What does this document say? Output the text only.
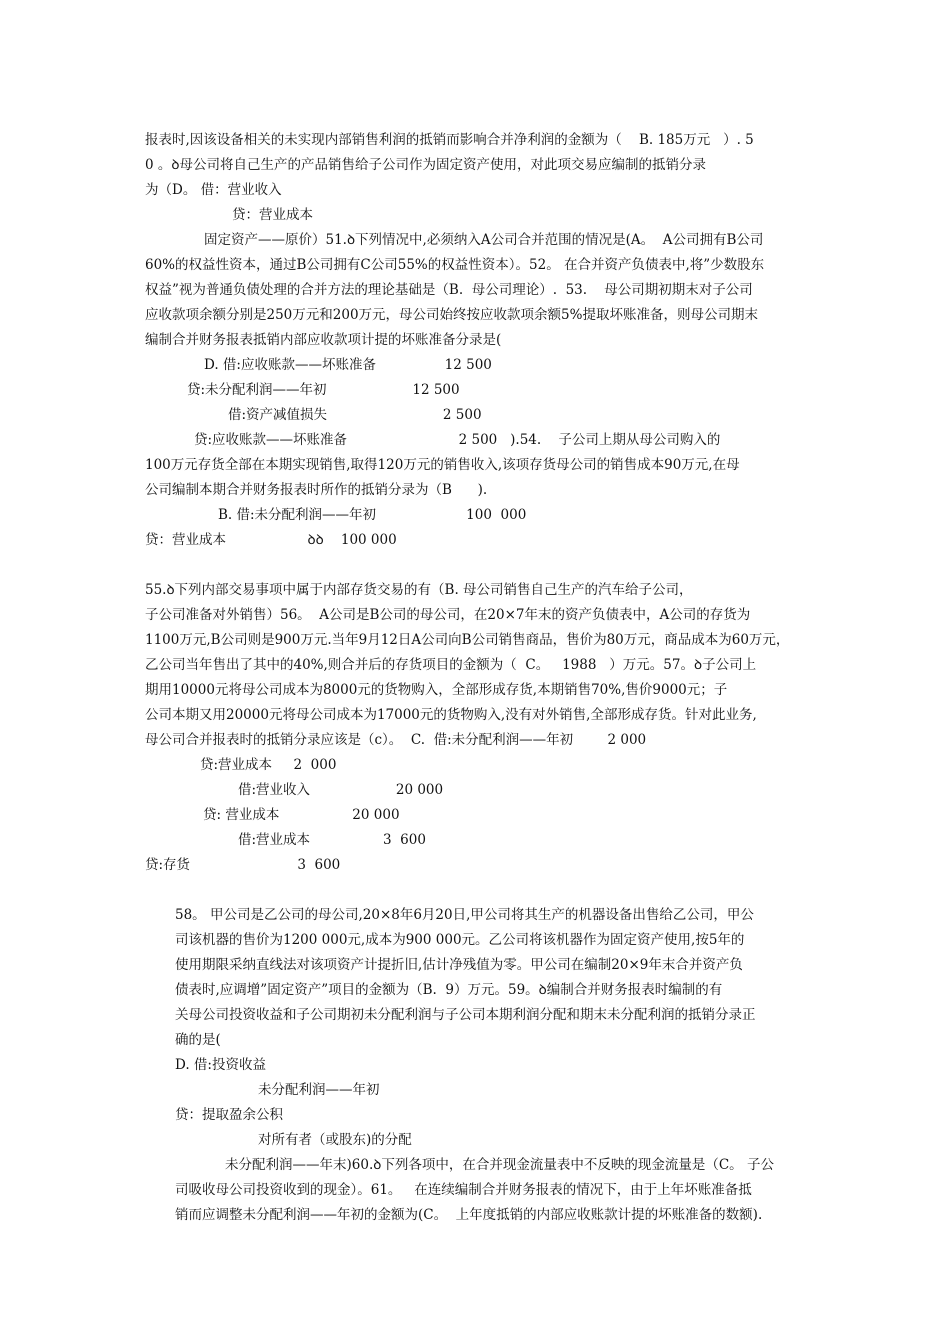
报表时,因该设备相关的未实现内部销售利润的抵销而影响合并净利润的金额为（    B. 185万元   ）. 5
0 。ꝺ母公司将自己生产的产品销售给子公司作为固定资产使用，对此项交易应编制的抵销分录
为（D。 借：营业收入
贷：营业成本
固定资产——原价）51.ꝺ下列情况中,必须纳入A公司合并范围的情况是(A。  A公司拥有B公司
60%的权益性资本，通过B公司拥有C公司55%的权益性资本）。52。 在合并资产负债表中,将”少数股东
权益”视为普通负债处理的合并方法的理论基础是（B.  母公司理论）.  53.    母公司期初期末对子公司
应收款项余额分别是250万元和200万元，母公司始终按应收款项余额5%提取坏账准备，则母公司期末
编制合并财务报表抵销内部应收款项计提的坏账准备分录是(
D. 借:应收账款——坏账准备                12 500
贷:未分配利润——年初                    12 500
借:资产减值损失                           2 500
贷:应收账款——坏账准备                          2 500   ).54.    子公司上期从母公司购入的
100万元存货全部在本期实现销售,取得120万元的销售收入,该项存货母公司的销售成本90万元,在母
公司编制本期合并财务报表时所作的抵销分录为（B      ).
B. 借:未分配利润——年初                     100  000
贷：营业成本                   ꝺꝺ    100 000
55.ꝺ下列内部交易事项中属于内部存货交易的有（B. 母公司销售自己生产的汽车给子公司，
子公司准备对外销售）56。  A公司是B公司的母公司，在20×7年末的资产负债表中，A公司的存货为
1100万元,B公司则是900万元.当年9月12日A公司向B公司销售商品，售价为80万元，商品成本为60万元，
乙公司当年售出了其中的40%,则合并后的存货项目的金额为（  C。   1988   ）万元。57。ꝺ子公司上
期用10000元将母公司成本为8000元的货物购入，全部形成存货,本期销售70%,售价9000元；子
公司本期又用20000元将母公司成本为17000元的货物购入,没有对外销售,全部形成存货。针对此业务,
母公司合并报表时的抵销分录应该是（c）。  C.  借:未分配利润——年初        2 000
贷:营业成本     2  000
借:营业收入                    20 000
贷: 营业成本                 20 000
借:营业成本                 3  600
贷:存货                         3  600
58。 甲公司是乙公司的母公司,20×8年6月20日,甲公司将其生产的机器设备出售给乙公司，甲公
司该机器的售价为1200 000元,成本为900 000元。乙公司将该机器作为固定资产使用,按5年的
使用期限采纳直线法对该项资产计提折旧,估计净残值为零。甲公司在编制20×9年末合并资产负
债表时,应调增”固定资产”项目的金额为（B.  9）万元。59。ꝺ编制合并财务报表时编制的有
关母公司投资收益和子公司期初未分配利润与子公司本期利润分配和期末未分配利润的抵销分录正
确的是(
D. 借:投资收益
未分配利润——年初
贷：提取盈余公积
对所有者（或股东)的分配
未分配利润——年末)60.ꝺ下列各项中，在合并现金流量表中不反映的现金流量是（C。 子公
司吸收母公司投资收到的现金）。61。   在连续编制合并财务报表的情况下，由于上年坏账准备抵
销而应调整未分配利润——年初的金额为(C。  上年度抵销的内部应收账款计提的坏账准备的数额).
